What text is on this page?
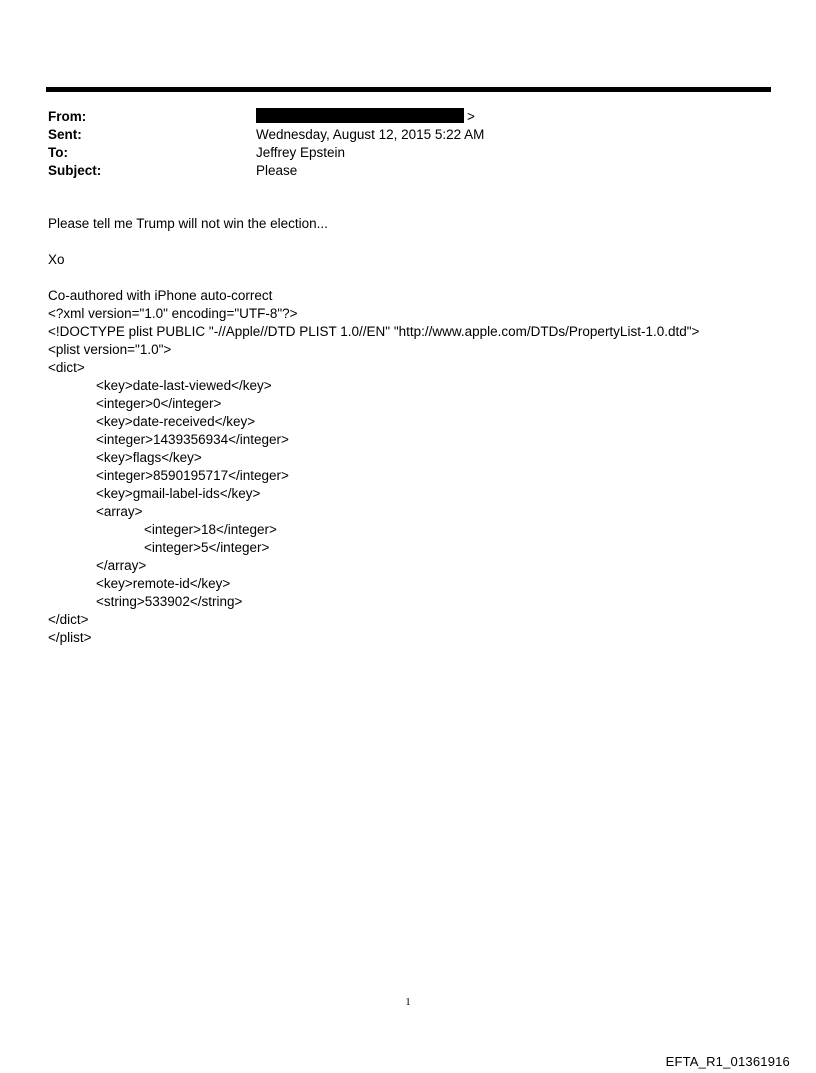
From:	>
Sent:	Wednesday, August 12, 2015 5:22 AM
To:	Jeffrey Epstein
Subject:	Please
Please tell me Trump will not win the election...
Xo
Co-authored with iPhone auto-correct
<?xml version="1.0" encoding="UTF-8"?>
<!DOCTYPE plist PUBLIC "-//Apple//DTD PLIST 1.0//EN" "http://www.apple.com/DTDs/PropertyList-1.0.dtd">
<plist version="1.0">
<dict>
<key>date-last-viewed</key>
<integer>0</integer>
<key>date-received</key>
<integer>1439356934</integer>
<key>flags</key>
<integer>8590195717</integer>
<key>gmail-label-ids</key>
<array>
<integer>18</integer>
<integer>5</integer>
</array>
<key>remote-id</key>
<string>533902</string>
</dict>
</plist>
1
EFTA_R1_01361916
